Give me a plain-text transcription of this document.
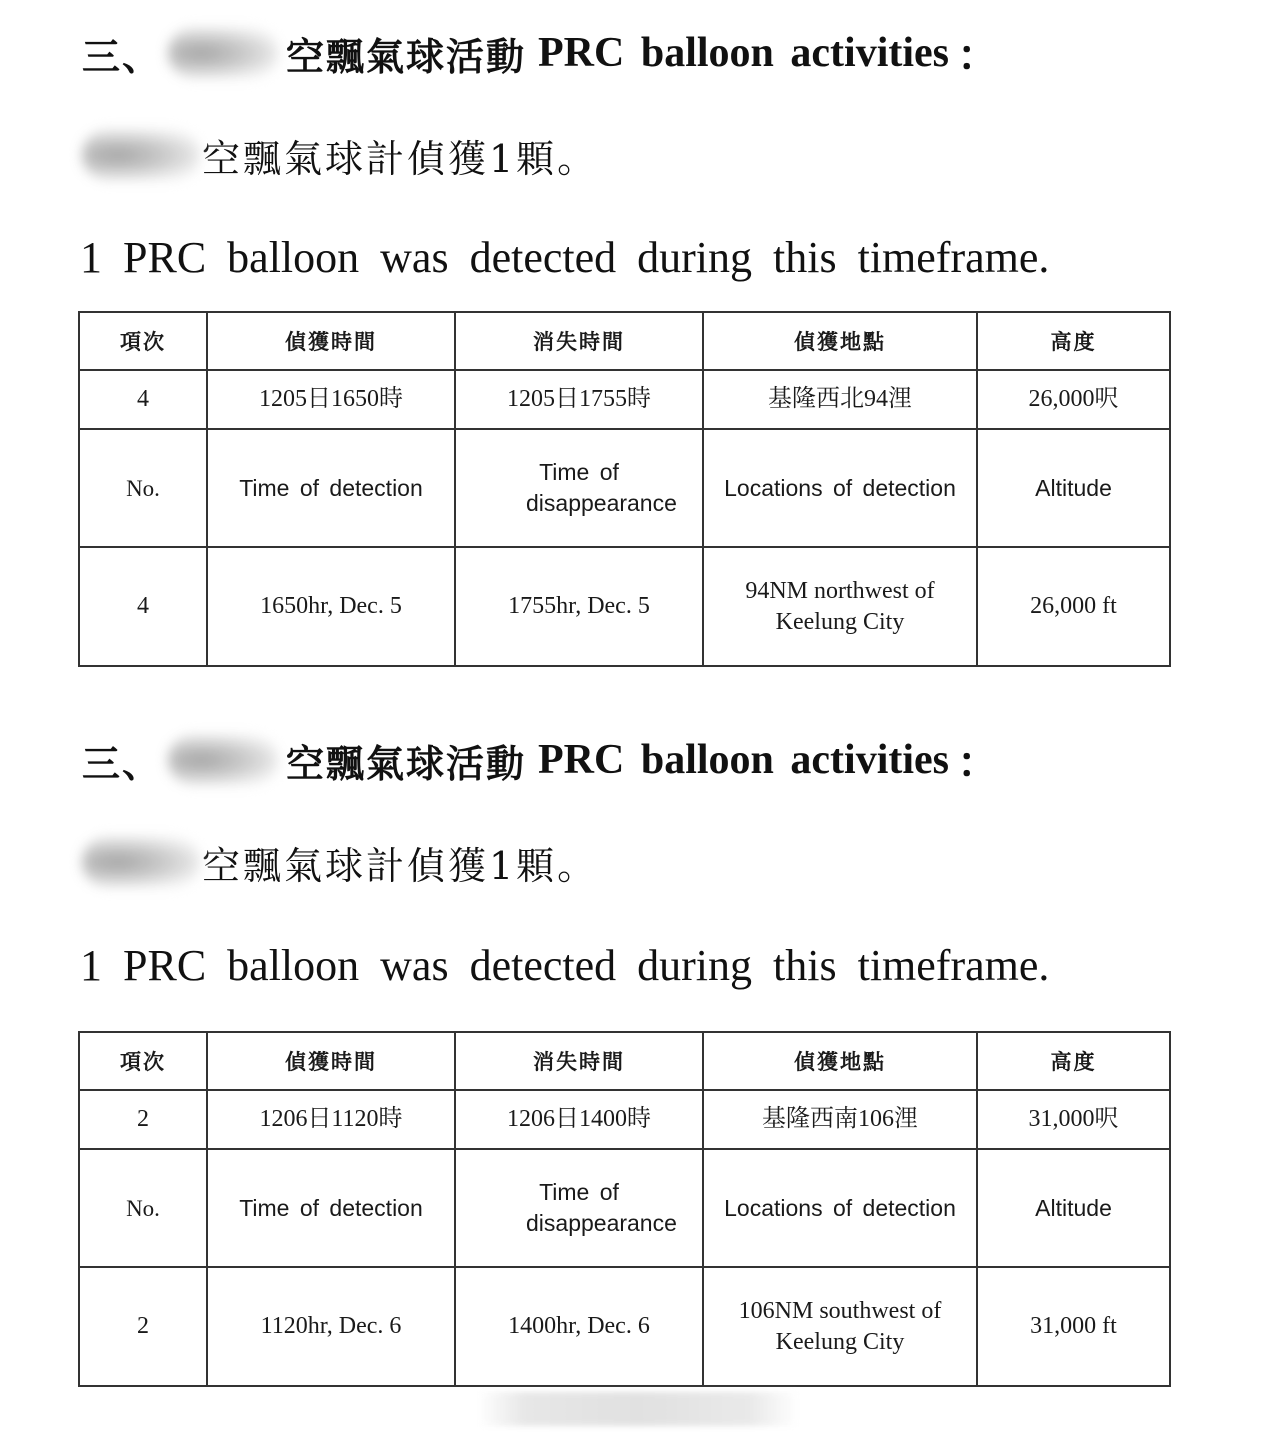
三、	空飄氣球活動 PRC balloon activities ：
空飄氣球計偵獲1顆。
1 PRC balloon was detected during this timeframe.
項次	偵獲時間	消失時間	偵獲地點	高度
4	1205日1650時	1205日1755時	基隆西北94浬	26,000呎
No.	Time of detection	Time of disappearance	Locations of detection	Altitude
4	1650hr, Dec. 5	1755hr, Dec. 5	94NM northwest of Keelung City	26,000 ft
三、	空飄氣球活動 PRC balloon activities ：
空飄氣球計偵獲1顆。
1 PRC balloon was detected during this timeframe.
項次	偵獲時間	消失時間	偵獲地點	高度
2	1206日1120時	1206日1400時	基隆西南106浬	31,000呎
No.	Time of detection	Time of disappearance	Locations of detection	Altitude
2	1120hr, Dec. 6	1400hr, Dec. 6	106NM southwest of Keelung City	31,000 ft
